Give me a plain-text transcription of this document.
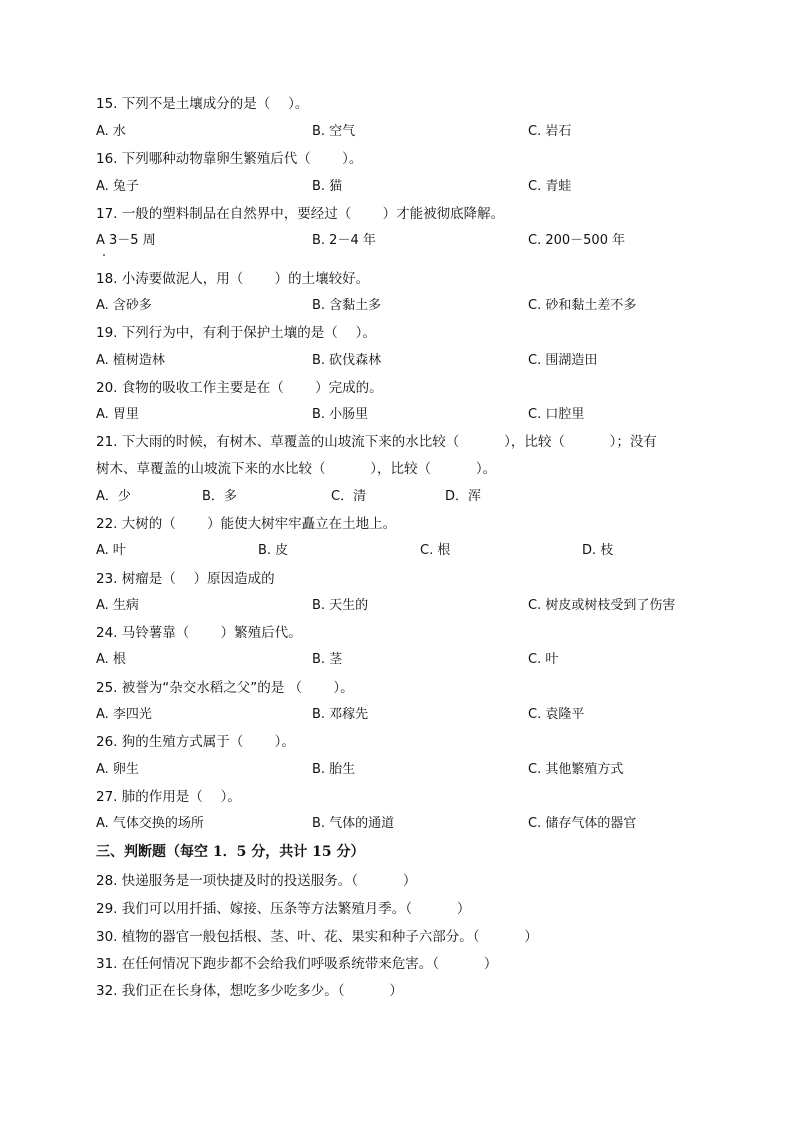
15. 下列不是土壤成分的是（　 ）。
A. 水	B. 空气	C. 岩石
16. 下列哪种动物靠卵生繁殖后代（　　 ）。
A. 兔子	B. 猫	C. 青蛙
17. 一般的塑料制品在自然界中，要经过（　　 ）才能被彻底降解。
A 3－5 周	B. 2－4 年	C. 200－500 年
18. 小涛要做泥人，用（　　 ）的土壤较好。
A. 含砂多	B. 含黏土多	C. 砂和黏土差不多
19. 下列行为中，有利于保护土壤的是（　 ）。
A. 植树造林	B. 砍伐森林	C. 围湖造田
20. 食物的吸收工作主要是在（　　 ）完成的。
A. 胃里	B. 小肠里	C. 口腔里
21. 下大雨的时候，有树木、草覆盖的山坡流下来的水比较（　　　 ），比较（　　　 ）；没有
树木、草覆盖的山坡流下来的水比较（　　　 ），比较（　　　 ）。
A．少	B．多	C．清	D．浑
22. 大树的（　　 ）能使大树牢牢矗立在土地上。
A. 叶	B. 皮	C. 根	D. 枝
23. 树瘤是（　 ）原因造成的
A. 生病	B. 天生的	C. 树皮或树枝受到了伤害
24. 马铃薯靠（　　 ）繁殖后代。
A. 根	B. 茎	C. 叶
25. 被誉为“杂交水稻之父”的是 （　　 ）。
A. 李四光	B. 邓稼先	C. 袁隆平
26. 狗的生殖方式属于（　　 ）。
A. 卵生	B. 胎生	C. 其他繁殖方式
27. 肺的作用是（　 ）。
A. 气体交换的场所	B. 气体的通道	C. 储存气体的器官
三、判断题（每空 1．5 分，共计 15 分）
28. 快递服务是一项快捷及时的投送服务。（　　　 ）
29. 我们可以用扦插、嫁接、压条等方法繁殖月季。（　　　 ）
30. 植物的器官一般包括根、茎、叶、花、果实和种子六部分。（　　　 ）
31. 在任何情况下跑步都不会给我们呼吸系统带来危害。（　　　 ）
32. 我们正在长身体，想吃多少吃多少。（　　　 ）
